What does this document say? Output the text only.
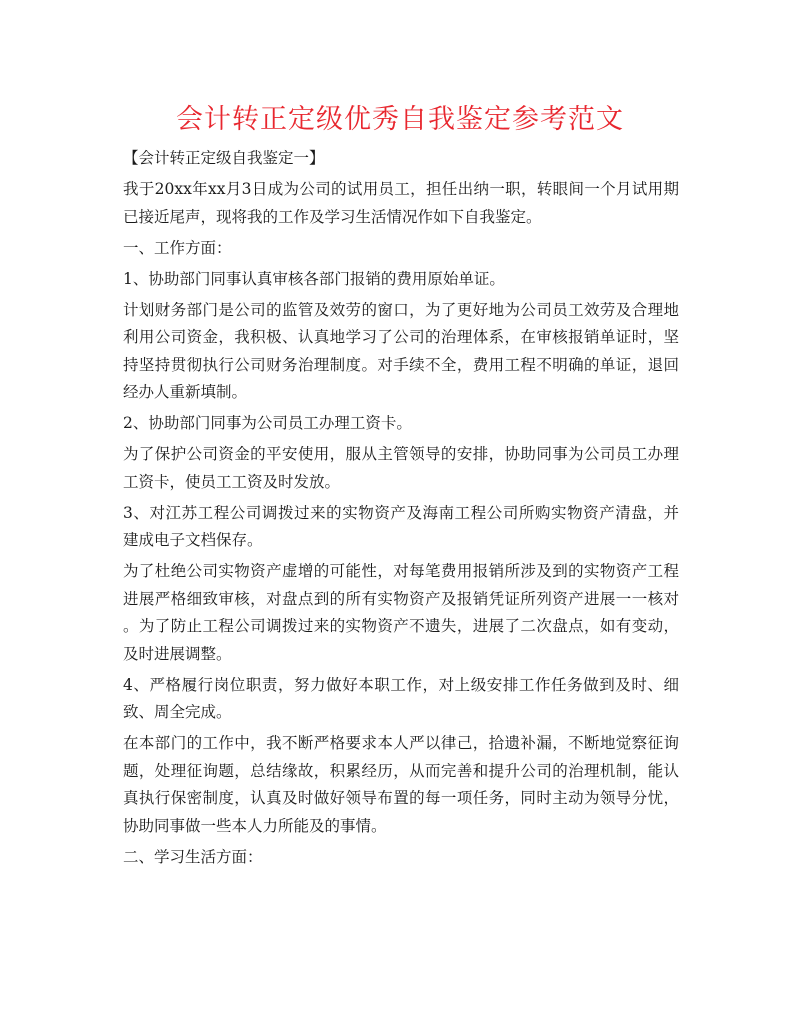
会计转正定级优秀自我鉴定参考范文
【会计转正定级自我鉴定一】
我于20xx年xx月3日成为公司的试用员工，担任出纳一职，转眼间一个月试用期
已接近尾声，现将我的工作及学习生活情况作如下自我鉴定。
一、工作方面：
1、协助部门同事认真审核各部门报销的费用原始单证。
计划财务部门是公司的监管及效劳的窗口，为了更好地为公司员工效劳及合理地
利用公司资金，我积极、认真地学习了公司的治理体系，在审核报销单证时，坚
持坚持贯彻执行公司财务治理制度。对手续不全，费用工程不明确的单证，退回
经办人重新填制。
2、协助部门同事为公司员工办理工资卡。
为了保护公司资金的平安使用，服从主管领导的安排，协助同事为公司员工办理
工资卡，使员工工资及时发放。
3、对江苏工程公司调拨过来的实物资产及海南工程公司所购实物资产清盘，并
建成电子文档保存。
为了杜绝公司实物资产虚增的可能性，对每笔费用报销所涉及到的实物资产工程
进展严格细致审核，对盘点到的所有实物资产及报销凭证所列资产进展一一核对
。为了防止工程公司调拨过来的实物资产不遗失，进展了二次盘点，如有变动，
及时进展调整。
4、严格履行岗位职责，努力做好本职工作，对上级安排工作任务做到及时、细
致、周全完成。
在本部门的工作中，我不断严格要求本人严以律己，拾遗补漏，不断地觉察征询
题，处理征询题，总结缘故，积累经历，从而完善和提升公司的治理机制，能认
真执行保密制度，认真及时做好领导布置的每一项任务，同时主动为领导分忧，
协助同事做一些本人力所能及的事情。
二、学习生活方面：
